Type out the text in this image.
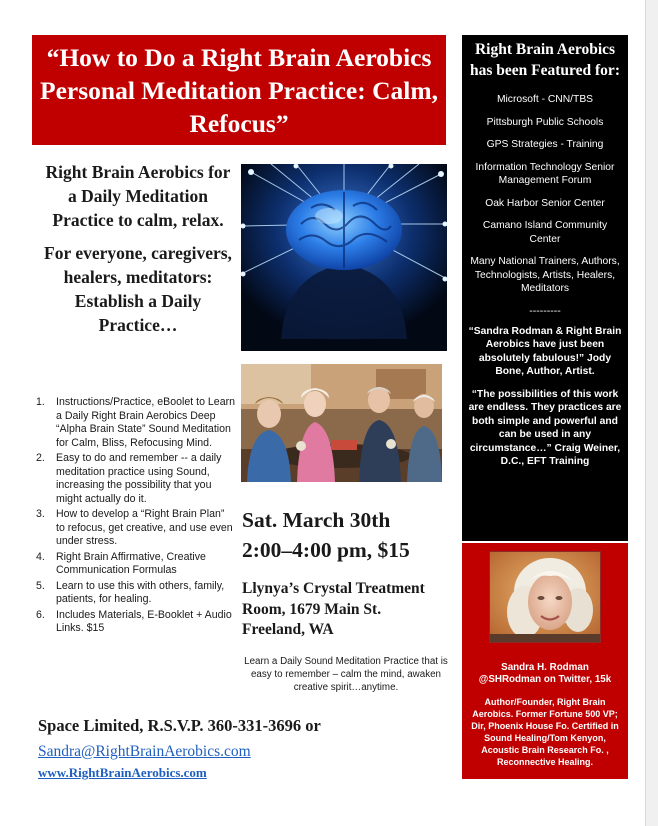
“How to Do a Right Brain Aerobics Personal Meditation Practice: Calm, Refocus”
Right Brain Aerobics has been Featured for:
Microsoft - CNN/TBS
Pittsburgh Public Schools
GPS Strategies - Training
Information Technology Senior Management Forum
Oak Harbor Senior Center
Camano Island Community Center
Many National Trainers, Authors, Technologists, Artists, Healers, Meditators
---------
“Sandra Rodman & Right Brain Aerobics have just been absolutely fabulous!” Jody Bone, Author, Artist.
“The possibilities of this work are endless. They practices are both simple and powerful and can be used in any circumstance…” Craig Weiner, D.C., EFT Training
Sandra H. Rodman
@SHRodman on Twitter, 15k
Author/Founder, Right Brain Aerobics. Former Fortune 500 VP; Dir, Phoenix House Fo. Certified in Sound Healing/Tom Kenyon, Acoustic Brain Research Fo. , Reconnective Healing.

Right Brain Aerobics for a Daily Meditation Practice to calm, relax.

For everyone, caregivers, healers, meditators: Establish a Daily Practice…

1. Instructions/Practice, eBoolet to Learn a Daily Right Brain Aerobics Deep “Alpha Brain State” Sound Meditation for Calm, Bliss, Refocusing Mind.
2. Easy to do and remember -- a daily meditation practice using Sound, increasing the possibility that you might actually do it.
3. How to develop a “Right Brain Plan” to refocus, get creative, and use even under stress.
4. Right Brain Affirmative, Creative Communication Formulas
5. Learn to use this with others, family, patients, for healing.
6. Includes Materials, E-Booklet + Audio Links. $15
Sat. March 30th
2:00–4:00 pm, $15
Llynya’s Crystal Treatment Room, 1679 Main St. Freeland, WA
Learn a Daily Sound Meditation Practice that is easy to remember – calm the mind, awaken creative spirit…anytime.
Space Limited, R.S.V.P. 360-331-3696 or
Sandra@RightBrainAerobics.com
www.RightBrainAerobics.com
